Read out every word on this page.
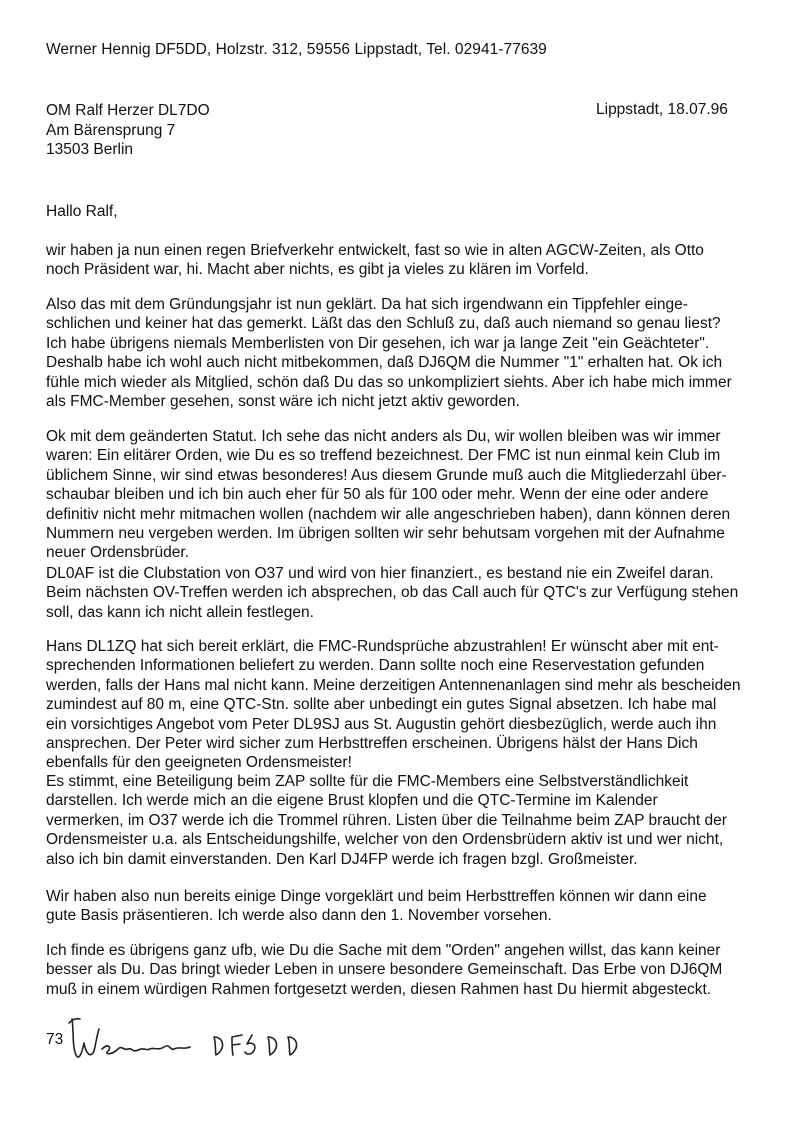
Werner Hennig DF5DD, Holzstr. 312, 59556 Lippstadt, Tel. 02941-77639
OM Ralf Herzer DL7DO
Am Bärensprung 7
13503 Berlin
Lippstadt, 18.07.96
Hallo Ralf,
wir haben ja nun einen regen Briefverkehr entwickelt, fast so wie in alten AGCW-Zeiten, als Otto
noch Präsident war, hi. Macht aber nichts, es gibt ja vieles zu klären im Vorfeld.
Also das mit dem Gründungsjahr ist nun geklärt. Da hat sich irgendwann ein Tippfehler einge-
schlichen und keiner hat das gemerkt. Läßt das den Schluß zu, daß auch niemand so genau liest?
Ich habe übrigens niemals Memberlisten von Dir gesehen, ich war ja lange Zeit "ein Geächteter".
Deshalb habe ich wohl auch nicht mitbekommen, daß DJ6QM die Nummer "1" erhalten hat. Ok ich
fühle mich wieder als Mitglied, schön daß Du das so unkompliziert siehts. Aber ich habe mich immer
als FMC-Member gesehen, sonst wäre ich nicht jetzt aktiv geworden.
Ok mit dem geänderten Statut. Ich sehe das nicht anders als Du, wir wollen bleiben was wir immer
waren: Ein elitärer Orden, wie Du es so treffend bezeichnest. Der FMC ist nun einmal kein Club im
üblichem Sinne, wir sind etwas besonderes! Aus diesem Grunde muß auch die Mitgliederzahl über-
schaubar bleiben und ich bin auch eher für 50 als für 100 oder mehr. Wenn der eine oder andere
definitiv nicht mehr mitmachen wollen (nachdem wir alle angeschrieben haben), dann können deren
Nummern neu vergeben werden. Im übrigen sollten wir sehr behutsam vorgehen mit der Aufnahme
neuer Ordensbrüder.
DL0AF ist die Clubstation von O37 und wird von hier finanziert., es bestand nie ein Zweifel daran.
Beim nächsten OV-Treffen werden ich absprechen, ob das Call auch für QTC's zur Verfügung stehen
soll, das kann ich nicht allein festlegen.
Hans DL1ZQ hat sich bereit erklärt, die FMC-Rundsprüche abzustrahlen! Er wünscht aber mit ent-
sprechenden Informationen beliefert zu werden. Dann sollte noch eine Reservestation gefunden
werden, falls der Hans mal nicht kann. Meine derzeitigen Antennenanlagen sind mehr als bescheiden
zumindest auf 80 m, eine QTC-Stn. sollte aber unbedingt ein gutes Signal absetzen. Ich habe mal
ein vorsichtiges Angebot vom Peter DL9SJ aus St. Augustin gehört diesbezüglich, werde auch ihn
ansprechen. Der Peter wird sicher zum Herbsttreffen erscheinen. Übrigens hälst der Hans Dich
ebenfalls für den geeigneten Ordensmeister!
Es stimmt, eine Beteiligung beim ZAP sollte für die FMC-Members eine Selbstverständlichkeit
darstellen. Ich werde mich an die eigene Brust klopfen und die QTC-Termine im Kalender
vermerken, im O37 werde ich die Trommel rühren. Listen über die Teilnahme beim ZAP braucht der
Ordensmeister u.a. als Entscheidungshilfe, welcher von den Ordensbrüdern aktiv ist und wer nicht,
also ich bin damit einverstanden. Den Karl DJ4FP werde ich fragen bzgl. Großmeister.
Wir haben also nun bereits einige Dinge vorgeklärt und beim Herbsttreffen können wir dann eine
gute Basis präsentieren. Ich werde also dann den 1. November vorsehen.
Ich finde es übrigens ganz ufb, wie Du die Sache mit dem "Orden" angehen willst, das kann keiner
besser als Du. Das bringt wieder Leben in unsere besondere Gemeinschaft. Das Erbe von DJ6QM
muß in einem würdigen Rahmen fortgesetzt werden, diesen Rahmen hast Du hiermit abgesteckt.
73
